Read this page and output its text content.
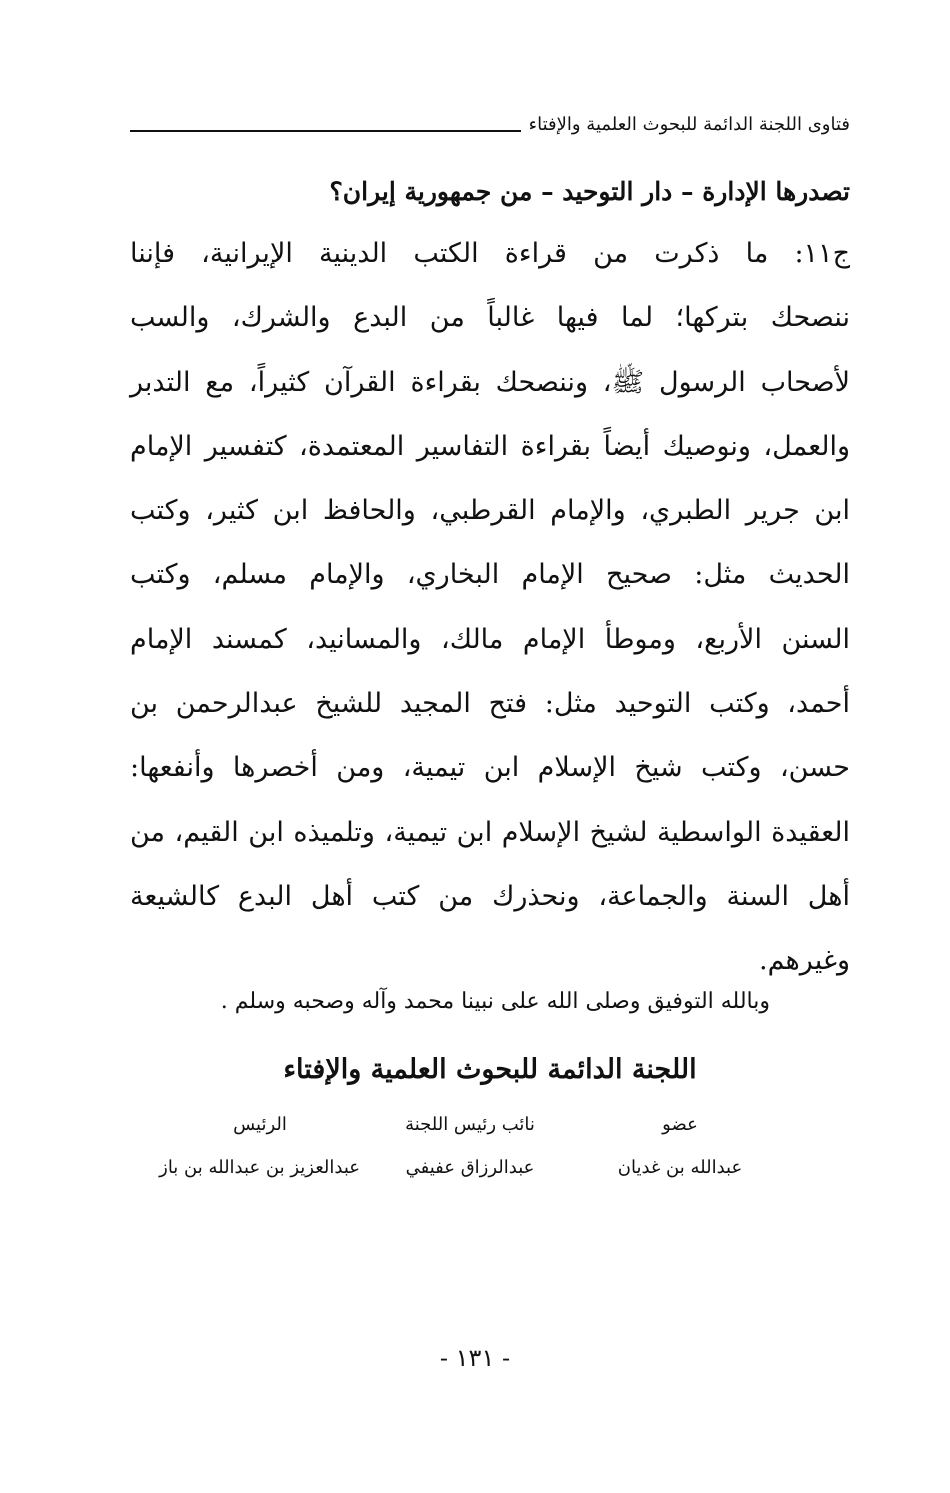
فتاوى اللجنة الدائمة للبحوث العلمية والإفتاء
تصدرها الإدارة – دار التوحيد – من جمهورية إيران؟
ج١١: ما ذكرت من قراءة الكتب الدينية الإيرانية، فإننا
ننصحك بتركها؛ لما فيها غالباً من البدع والشرك، والسب
لأصحاب الرسول ﷺ، وننصحك بقراءة القرآن كثيراً، مع التدبر
والعمل، ونوصيك أيضاً بقراءة التفاسير المعتمدة، كتفسير الإمام
ابن جرير الطبري، والإمام القرطبي، والحافظ ابن كثير، وكتب
الحديث مثل: صحيح الإمام البخاري، والإمام مسلم، وكتب
السنن الأربع، وموطأ الإمام مالك، والمسانيد، كمسند الإمام
أحمد، وكتب التوحيد مثل: فتح المجيد للشيخ عبدالرحمن بن
حسن، وكتب شيخ الإسلام ابن تيمية، ومن أخصرها وأنفعها:
العقيدة الواسطية لشيخ الإسلام ابن تيمية، وتلميذه ابن القيم، من
أهل السنة والجماعة، ونحذرك من كتب أهل البدع كالشيعة
وغيرهم.
وبالله التوفيق وصلى الله على نبينا محمد وآله وصحبه وسلم .
اللجنة الدائمة للبحوث العلمية والإفتاء
عضو
نائب رئيس اللجنة
الرئيس
عبدالله بن غديان
عبدالرزاق عفيفي
عبدالعزيز بن عبدالله بن باز
- ١٣١ -
